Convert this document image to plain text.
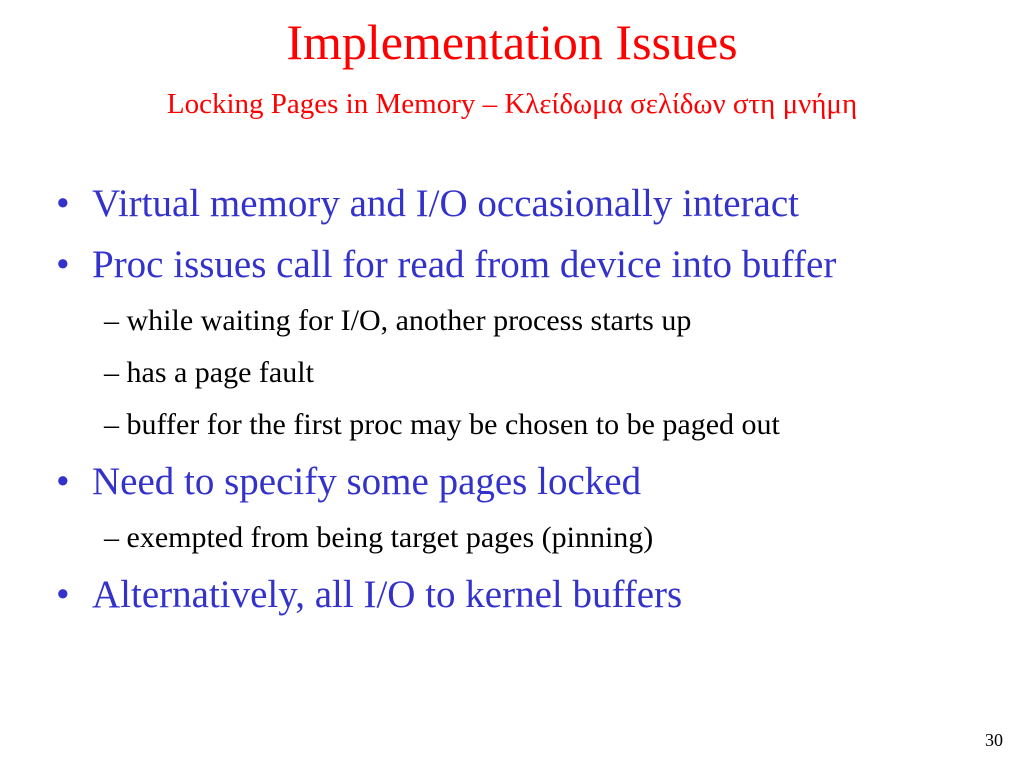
Implementation Issues
Locking Pages in Memory – Κλείδωμα σελίδων στη μνήμη
• Virtual memory and I/O occasionally interact
• Proc issues call for read from device into buffer
– while waiting for I/O, another process starts up
– has a page fault
– buffer for the first proc may be chosen to be paged out
• Need to specify some pages locked
– exempted from being target pages (pinning)
• Alternatively, all I/O to kernel buffers
30
